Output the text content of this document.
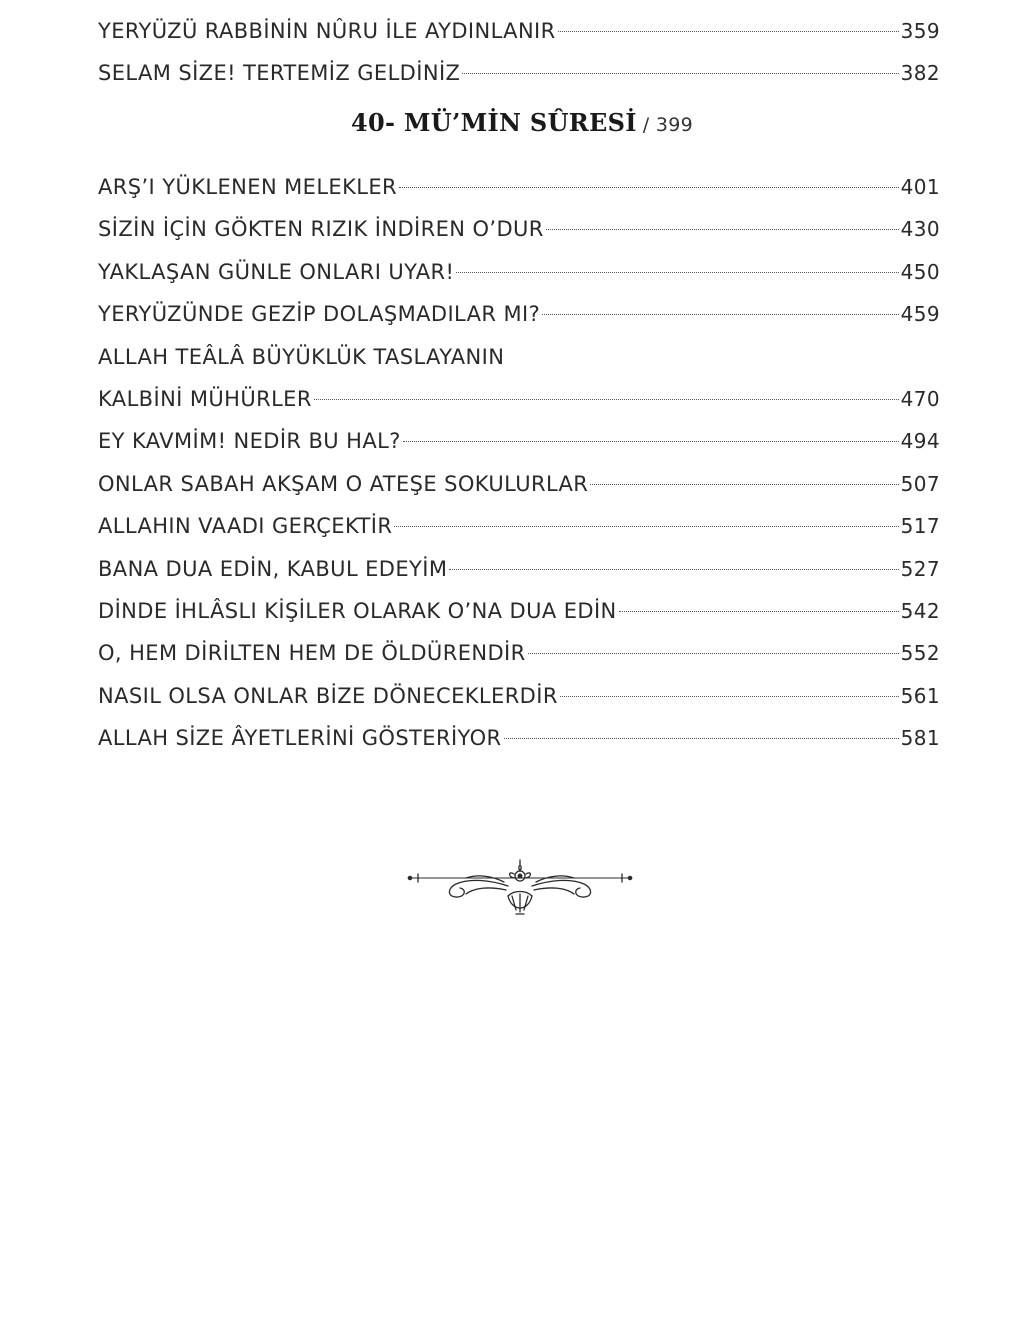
YERYÜZÜ RABBİNİN NÛRU İLE AYDINLANIR	359
SELAM SİZE! TERTEMİZ GELDİNİZ	382
40- MÜ’MİN SÛRESİ / 399
ARŞ’I YÜKLENEN MELEKLER	401
SİZİN İÇİN GÖKTEN RIZIK İNDİREN O’DUR	430
YAKLAŞAN GÜNLE ONLARI UYAR!	450
YERYÜZÜNDE GEZİP DOLAŞMADILAR MI?	459
ALLAH TEÂLÂ BÜYÜKLÜK TASLAYANIN
KALBİNİ MÜHÜRLER	470
EY KAVMİM! NEDİR BU HAL?	494
ONLAR SABAH AKŞAM O ATEŞE SOKULURLAR	507
ALLAHIN VAADI GERÇEKTİR	517
BANA DUA EDİN, KABUL EDEYİM	527
DİNDE İHLÂSLI KİŞİLER OLARAK O’NA DUA EDİN	542
O, HEM DİRİLTEN HEM DE ÖLDÜRENDİR	552
NASIL OLSA ONLAR BİZE DÖNECEKLERDİR	561
ALLAH SİZE ÂYETLERİNİ GÖSTERİYOR	581
